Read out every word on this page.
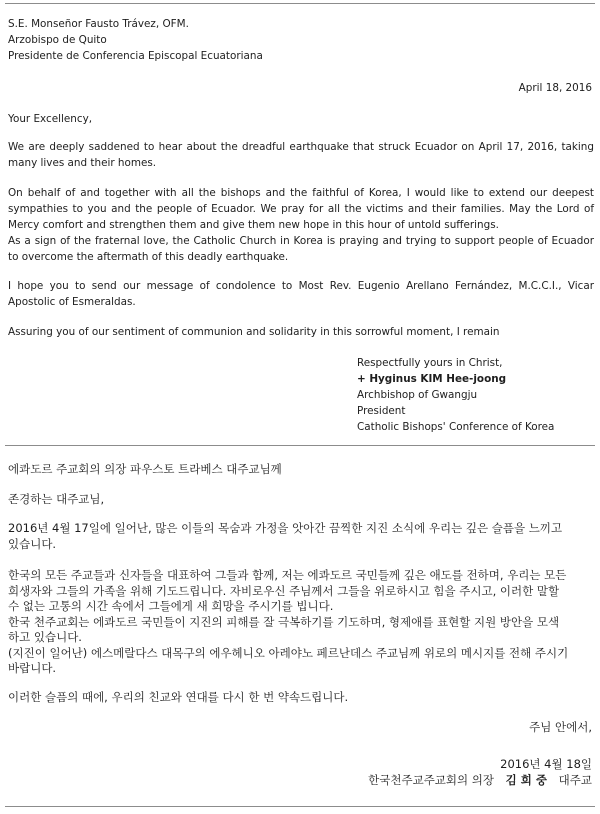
S.E. Monseñor Fausto Trávez, OFM.
Arzobispo de Quito
Presidente de Conferencia Episcopal Ecuatoriana
April 18, 2016
Your Excellency,

We are deeply saddened to hear about the dreadful earthquake that struck Ecuador on April 17, 2016, taking many lives and their homes.

On behalf of and together with all the bishops and the faithful of Korea, I would like to extend our deepest sympathies to you and the people of Ecuador. We pray for all the victims and their families. May the Lord of Mercy comfort and strengthen them and give them new hope in this hour of untold sufferings.

As a sign of the fraternal love, the Catholic Church in Korea is praying and trying to support people of Ecuador to overcome the aftermath of this deadly earthquake.

I hope you to send our message of condolence to Most Rev. Eugenio Arellano Fernández, M.C.C.I., Vicar Apostolic of Esmeraldas.

Assuring you of our sentiment of communion and solidarity in this sorrowful moment, I remain

Respectfully yours in Christ,
+ Hyginus KIM Hee-joong
Archbishop of Gwangju
President
Catholic Bishops' Conference of Korea
에콰도르 주교회의 의장 파우스토 트라베스 대주교님께
존경하는 대주교님,
2016년 4월 17일에 일어난, 많은 이들의 목숨과 가정을 앗아간 끔찍한 지진 소식에 우리는 깊은 슬픔을 느끼고
있습니다.
한국의 모든 주교들과 신자들을 대표하여 그들과 함께, 저는 에콰도르 국민들께 깊은 애도를 전하며, 우리는 모든
희생자와 그들의 가족을 위해 기도드립니다. 자비로우신 주님께서 그들을 위로하시고 힘을 주시고, 이러한 말할
수 없는 고통의 시간 속에서 그들에게 새 희망을 주시기를 빕니다.
한국 천주교회는 에콰도르 국민들이 지진의 피해를 잘 극복하기를 기도하며, 형제애를 표현할 지원 방안을 모색
하고 있습니다.
(지진이 일어난) 에스메랄다스 대목구의 에우헤니오 아레야노 페르난데스 주교님께 위로의 메시지를 전해 주시기
바랍니다.
이러한 슬픔의 때에, 우리의 친교와 연대를 다시 한 번 약속드립니다.
주님 안에서,
2016년 4월 18일
한국천주교주교회의 의장 김 희 중 대주교
